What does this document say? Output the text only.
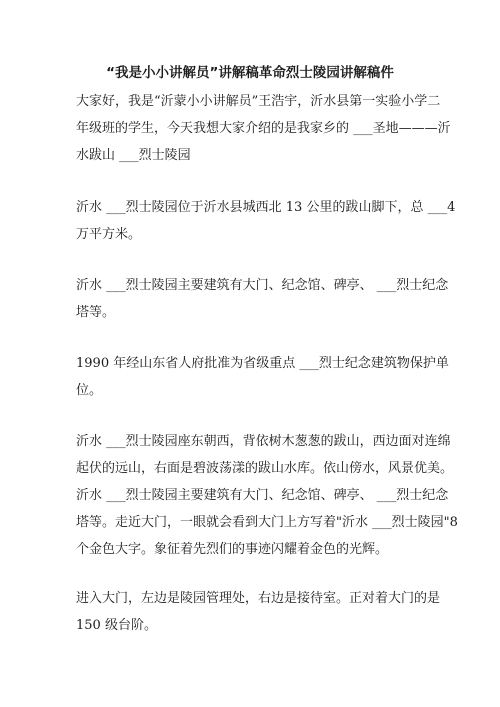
“我是小小讲解员”讲解稿革命烈士陵园讲解稿件
大家好，我是“沂蒙小小讲解员”王浩宇，沂水县第一实验小学二
年级班的学生，今天我想大家介绍的是我家乡的 ___圣地———沂
水跋山 ___烈士陵园
沂水 ___烈士陵园位于沂水县城西北 13 公里的跋山脚下，总 ___4
万平方米。
沂水 ___烈士陵园主要建筑有大门、纪念馆、碑亭、 ___烈士纪念
塔等。
1990 年经山东省人府批准为省级重点 ___烈士纪念建筑物保护单
位。
沂水 ___烈士陵园座东朝西，背依树木葱葱的跋山，西边面对连绵
起伏的远山，右面是碧波荡漾的跋山水库。依山傍水，风景优美。
沂水 ___烈士陵园主要建筑有大门、纪念馆、碑亭、 ___烈士纪念
塔等。走近大门，一眼就会看到大门上方写着"沂水 ___烈士陵园"8
个金色大字。象征着先烈们的事迹闪耀着金色的光辉。
进入大门，左边是陵园管理处，右边是接待室。正对着大门的是
150 级台阶。
